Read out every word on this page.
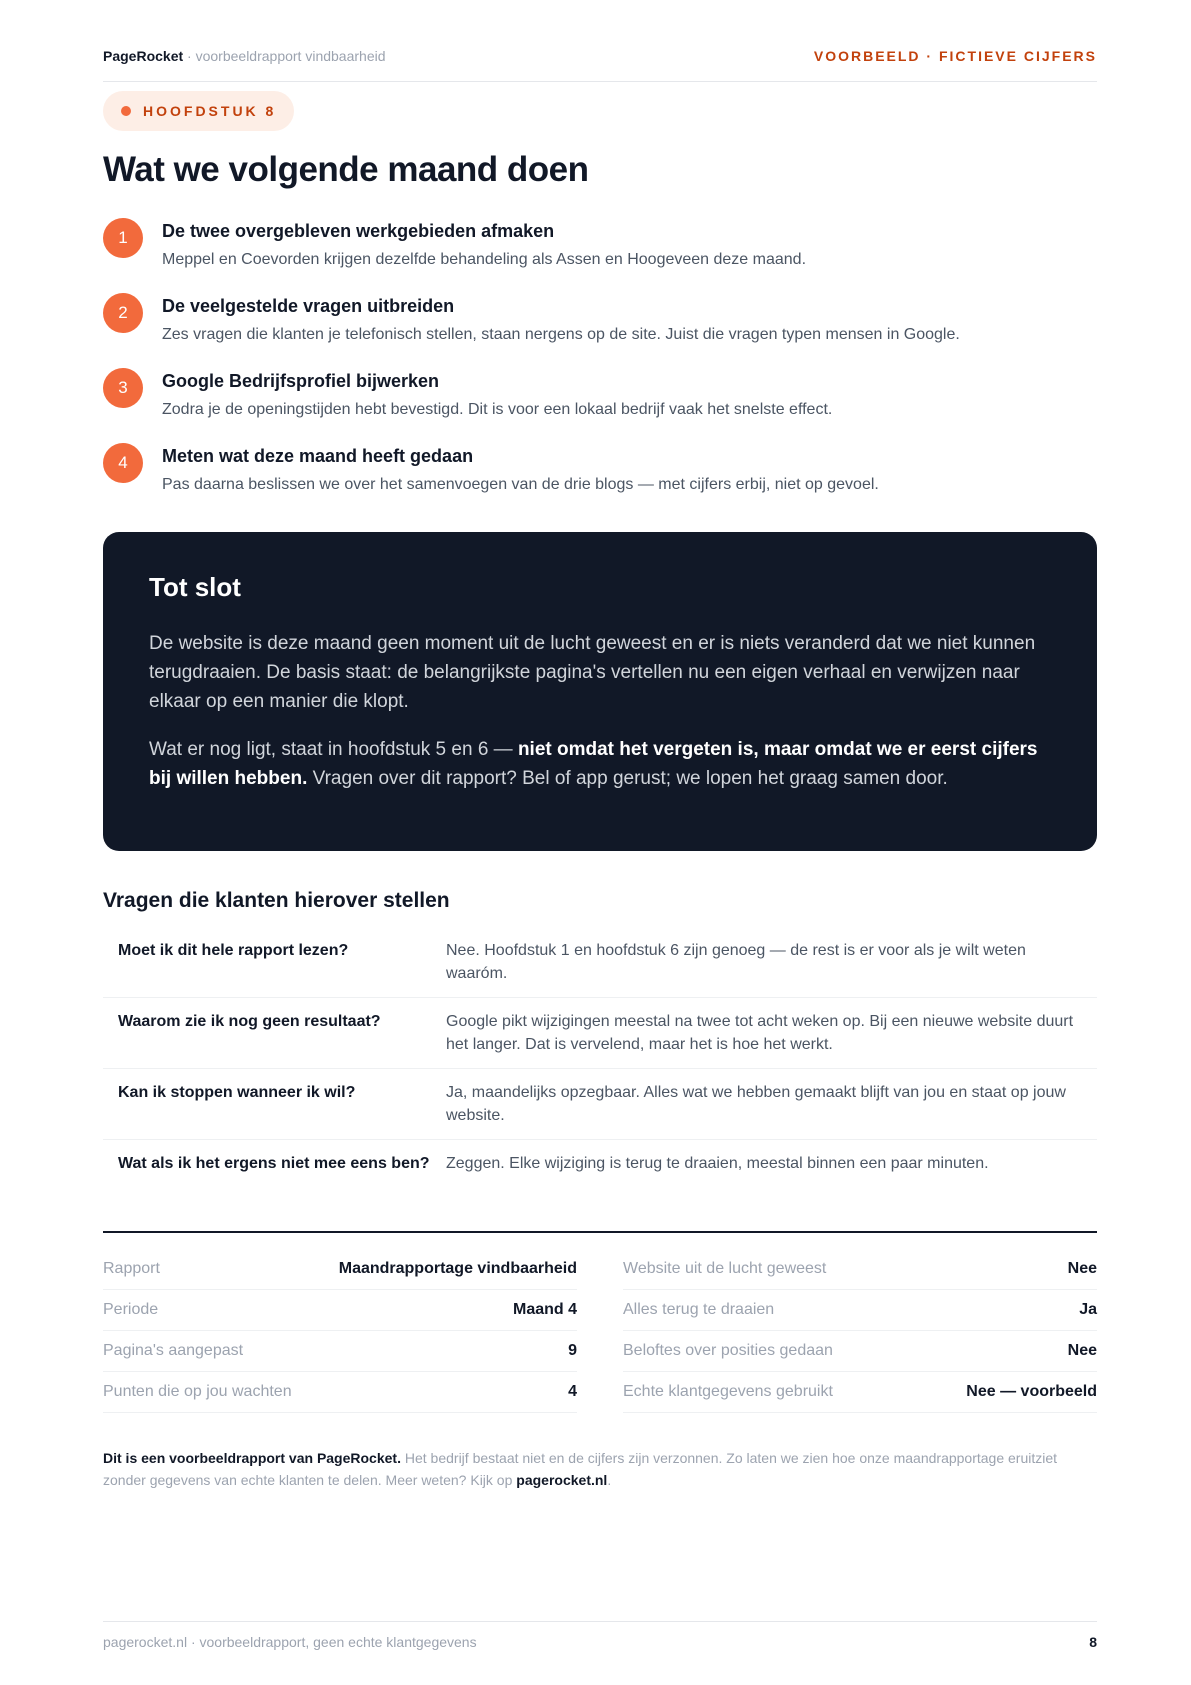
PageRocket · voorbeeldrapport vindbaarheid	VOORBEELD · FICTIEVE CIJFERS
HOOFDSTUK 8
Wat we volgende maand doen
1	De twee overgebleven werkgebieden afmaken
Meppel en Coevorden krijgen dezelfde behandeling als Assen en Hoogeveen deze maand.
2	De veelgestelde vragen uitbreiden
Zes vragen die klanten je telefonisch stellen, staan nergens op de site. Juist die vragen typen mensen in Google.
3	Google Bedrijfsprofiel bijwerken
Zodra je de openingstijden hebt bevestigd. Dit is voor een lokaal bedrijf vaak het snelste effect.
4	Meten wat deze maand heeft gedaan
Pas daarna beslissen we over het samenvoegen van de drie blogs — met cijfers erbij, niet op gevoel.
Tot slot

De website is deze maand geen moment uit de lucht geweest en er is niets veranderd dat we niet kunnen terugdraaien. De basis staat: de belangrijkste pagina's vertellen nu een eigen verhaal en verwijzen naar elkaar op een manier die klopt.

Wat er nog ligt, staat in hoofdstuk 5 en 6 — niet omdat het vergeten is, maar omdat we er eerst cijfers bij willen hebben. Vragen over dit rapport? Bel of app gerust; we lopen het graag samen door.

Vragen die klanten hierover stellen
Moet ik dit hele rapport lezen?	Nee. Hoofdstuk 1 en hoofdstuk 6 zijn genoeg — de rest is er voor als je wilt weten waaróm.
Waarom zie ik nog geen resultaat?	Google pikt wijzigingen meestal na twee tot acht weken op. Bij een nieuwe website duurt het langer. Dat is vervelend, maar het is hoe het werkt.
Kan ik stoppen wanneer ik wil?	Ja, maandelijks opzegbaar. Alles wat we hebben gemaakt blijft van jou en staat op jouw website.
Wat als ik het ergens niet mee eens ben?	Zeggen. Elke wijziging is terug te draaien, meestal binnen een paar minuten.
Rapport	Maandrapportage vindbaarheid
Periode	Maand 4
Pagina's aangepast	9
Punten die op jou wachten	4
Website uit de lucht geweest	Nee
Alles terug te draaien	Ja
Beloftes over posities gedaan	Nee
Echte klantgegevens gebruikt	Nee — voorbeeld

Dit is een voorbeeldrapport van PageRocket. Het bedrijf bestaat niet en de cijfers zijn verzonnen. Zo laten we zien hoe onze maandrapportage eruitziet zonder gegevens van echte klanten te delen. Meer weten? Kijk op pagerocket.nl.

pagerocket.nl · voorbeeldrapport, geen echte klantgegevens	8
